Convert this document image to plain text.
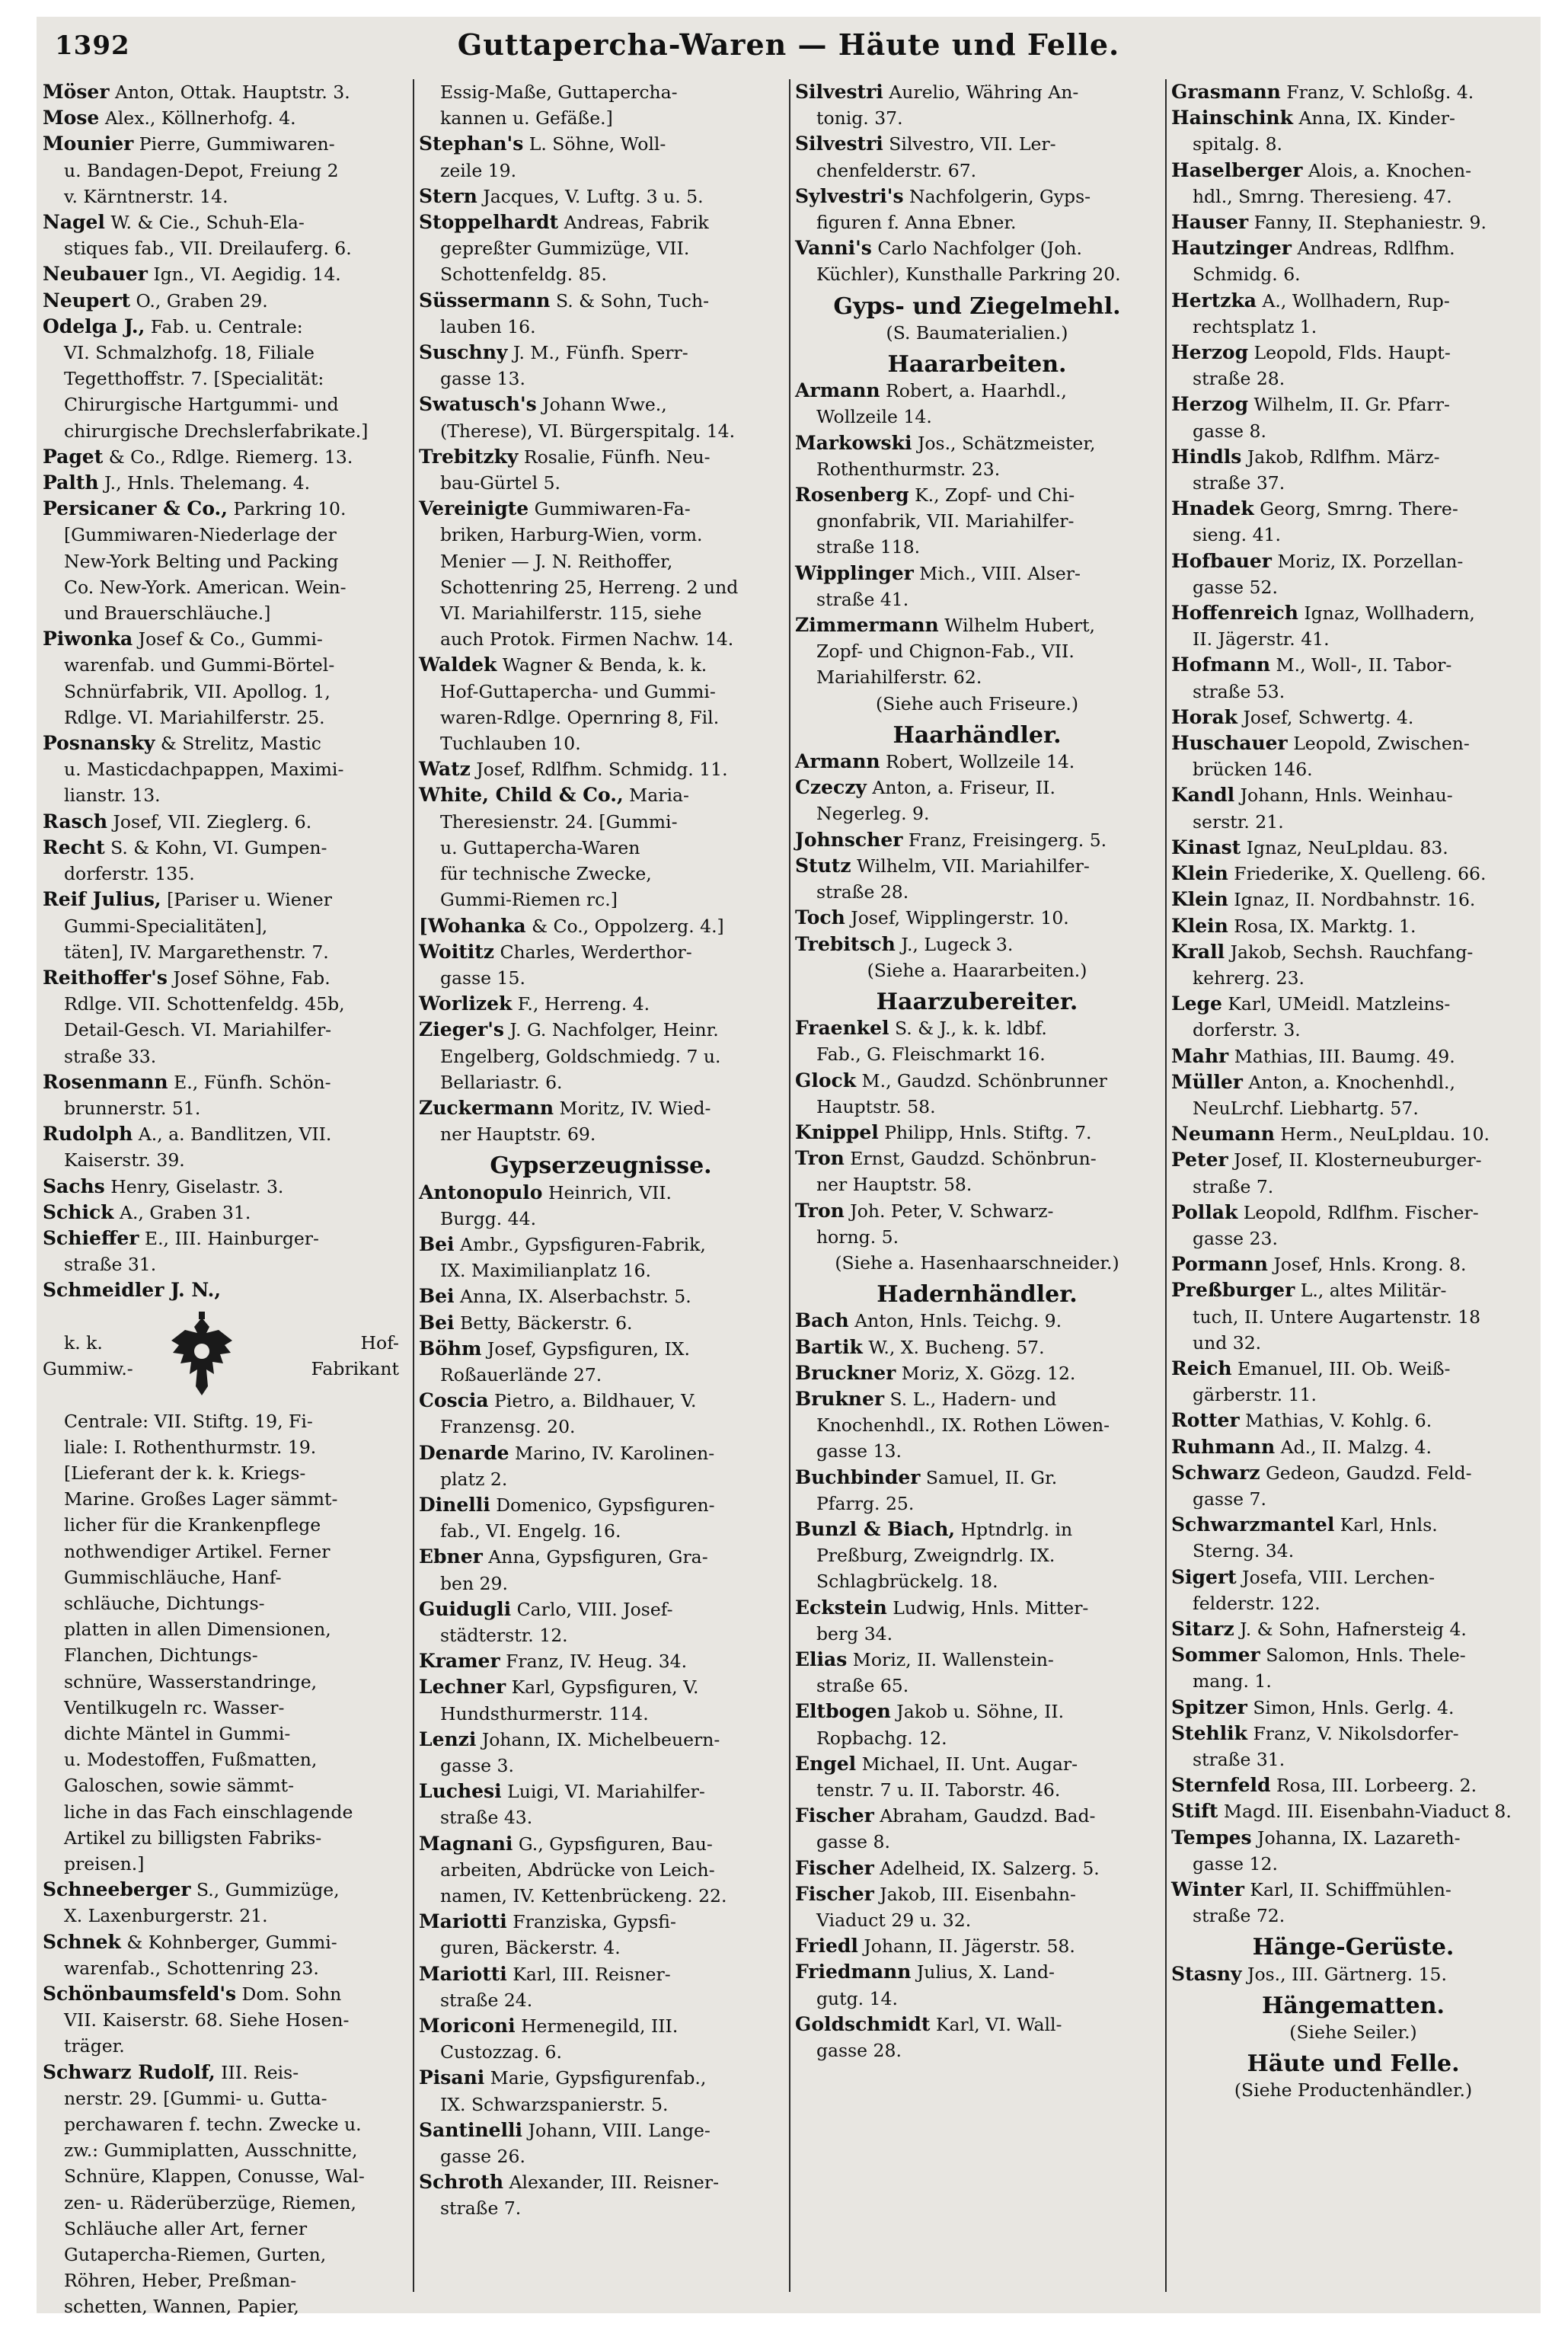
1392	Guttapercha-Waren — Häute und Felle.
Möser Anton, Ottak. Hauptstr. 3.
Mose Alex., Köllnerhofg. 4.
Mounier Pierre, Gummiwaren-
u. Bandagen-Depot, Freiung 2
v. Kärntnerstr. 14.
Nagel W. & Cie., Schuh-Ela-
stiques fab., VII. Dreilauferg. 6.
Neubauer Ign., VI. Aegidig. 14.
Neupert O., Graben 29.
Odelga J., Fab. u. Centrale:
VI. Schmalzhofg. 18, Filiale
Tegetthoffstr. 7. [Specialität:
Chirurgische Hartgummi- und
chirurgische Drechslerfabrikate.]
Paget & Co., Rdlge. Riemerg. 13.
Palth J., Hnls. Thelemang. 4.
Persicaner & Co., Parkring 10.
[Gummiwaren-Niederlage der
New-York Belting und Packing
Co. New-York. American. Wein-
und Brauerschläuche.]
Piwonka Josef & Co., Gummi-
warenfab. und Gummi-Börtel-
Schnürfabrik, VII. Apollog. 1,
Rdlge. VI. Mariahilferstr. 25.
Posnansky & Strelitz, Mastic
u. Masticdachpappen, Maximi-
lianstr. 13.
Rasch Josef, VII. Zieglerg. 6.
Recht S. & Kohn, VI. Gumpen-
dorferstr. 135.
Reif Julius, [Pariser u. Wiener
Gummi-Specialitäten],
täten], IV. Margarethenstr. 7.
Reithoffer's Josef Söhne, Fab.
Rdlge. VII. Schottenfeldg. 45b,
Detail-Gesch. VI. Mariahilfer-
straße 33.
Rosenmann E., Fünfh. Schön-
brunnerstr. 51.
Rudolph A., a. Bandlitzen, VII.
Kaiserstr. 39.
Sachs Henry, Giselastr. 3.
Schick A., Graben 31.
Schieffer E., III. Hainburger-
straße 31.
Schmeidler J. N.,
k. k.
Gummiw.-
Hof-
Fabrikant
Centrale: VII. Stiftg. 19, Fi-
liale: I. Rothenthurmstr. 19.
[Lieferant der k. k. Kriegs-
Marine. Großes Lager sämmt-
licher für die Krankenpflege
nothwendiger Artikel. Ferner
Gummischläuche, Hanf-
schläuche, Dichtungs-
platten in allen Dimensionen,
Flanchen, Dichtungs-
schnüre, Wasserstandringe,
Ventilkugeln rc. Wasser-
dichte Mäntel in Gummi-
u. Modestoffen, Fußmatten,
Galoschen, sowie sämmt-
liche in das Fach einschlagende
Artikel zu billigsten Fabriks-
preisen.]
Schneeberger S., Gummizüge,
X. Laxenburgerstr. 21.
Schnek & Kohnberger, Gummi-
warenfab., Schottenring 23.
Schönbaumsfeld's Dom. Sohn
VII. Kaiserstr. 68. Siehe Hosen-
träger.
Schwarz Rudolf, III. Reis-
nerstr. 29. [Gummi- u. Gutta-
perchawaren f. techn. Zwecke u.
zw.: Gummiplatten, Ausschnitte,
Schnüre, Klappen, Conusse, Wal-
zen- u. Räderüberzüge, Riemen,
Schläuche aller Art, ferner
Gutapercha-Riemen, Gurten,
Röhren, Heber, Preßman-
schetten, Wannen, Papier,
Essig-Maße, Guttapercha-
kannen u. Gefäße.]
Stephan's L. Söhne, Woll-
zeile 19.
Stern Jacques, V. Luftg. 3 u. 5.
Stoppelhardt Andreas, Fabrik
gepreßter Gummizüge, VII.
Schottenfeldg. 85.
Süssermann S. & Sohn, Tuch-
lauben 16.
Suschny J. M., Fünfh. Sperr-
gasse 13.
Swatusch's Johann Wwe.,
(Therese), VI. Bürgerspitalg. 14.
Trebitzky Rosalie, Fünfh. Neu-
bau-Gürtel 5.
Vereinigte Gummiwaren-Fa-
briken, Harburg-Wien, vorm.
Menier — J. N. Reithoffer,
Schottenring 25, Herreng. 2 und
VI. Mariahilferstr. 115, siehe
auch Protok. Firmen Nachw. 14.
Waldek Wagner & Benda, k. k.
Hof-Guttapercha- und Gummi-
waren-Rdlge. Opernring 8, Fil.
Tuchlauben 10.
Watz Josef, Rdlfhm. Schmidg. 11.
White, Child & Co., Maria-
Theresienstr. 24. [Gummi-
u. Guttapercha-Waren
für technische Zwecke,
Gummi-Riemen rc.]
[Wohanka & Co., Oppolzerg. 4.]
Woititz Charles, Werderthor-
gasse 15.
Worlizek F., Herreng. 4.
Zieger's J. G. Nachfolger, Heinr.
Engelberg, Goldschmiedg. 7 u.
Bellariastr. 6.
Zuckermann Moritz, IV. Wied-
ner Hauptstr. 69.
Gypserzeugnisse.
Antonopulo Heinrich, VII.
Burgg. 44.
Bei Ambr., Gypsfiguren-Fabrik,
IX. Maximilianplatz 16.
Bei Anna, IX. Alserbachstr. 5.
Bei Betty, Bäckerstr. 6.
Böhm Josef, Gypsfiguren, IX.
Roßauerlände 27.
Coscia Pietro, a. Bildhauer, V.
Franzensg. 20.
Denarde Marino, IV. Karolinen-
platz 2.
Dinelli Domenico, Gypsfiguren-
fab., VI. Engelg. 16.
Ebner Anna, Gypsfiguren, Gra-
ben 29.
Guidugli Carlo, VIII. Josef-
städterstr. 12.
Kramer Franz, IV. Heug. 34.
Lechner Karl, Gypsfiguren, V.
Hundsthurmerstr. 114.
Lenzi Johann, IX. Michelbeuern-
gasse 3.
Luchesi Luigi, VI. Mariahilfer-
straße 43.
Magnani G., Gypsfiguren, Bau-
arbeiten, Abdrücke von Leich-
namen, IV. Kettenbrückeng. 22.
Mariotti Franziska, Gypsfi-
guren, Bäckerstr. 4.
Mariotti Karl, III. Reisner-
straße 24.
Moriconi Hermenegild, III.
Custozzag. 6.
Pisani Marie, Gypsfigurenfab.,
IX. Schwarzspanierstr. 5.
Santinelli Johann, VIII. Lange-
gasse 26.
Schroth Alexander, III. Reisner-
straße 7.
Silvestri Aurelio, Währing An-
tonig. 37.
Silvestri Silvestro, VII. Ler-
chenfelderstr. 67.
Sylvestri's Nachfolgerin, Gyps-
figuren f. Anna Ebner.
Vanni's Carlo Nachfolger (Joh.
Küchler), Kunsthalle Parkring 20.
Gyps- und Ziegelmehl.
(S. Baumaterialien.)
Haararbeiten.
Armann Robert, a. Haarhdl.,
Wollzeile 14.
Markowski Jos., Schätzmeister,
Rothenthurmstr. 23.
Rosenberg K., Zopf- und Chi-
gnonfabrik, VII. Mariahilfer-
straße 118.
Wipplinger Mich., VIII. Alser-
straße 41.
Zimmermann Wilhelm Hubert,
Zopf- und Chignon-Fab., VII.
Mariahilferstr. 62.
(Siehe auch Friseure.)
Haarhändler.
Armann Robert, Wollzeile 14.
Czeczy Anton, a. Friseur, II.
Negerleg. 9.
Johnscher Franz, Freisingerg. 5.
Stutz Wilhelm, VII. Mariahilfer-
straße 28.
Toch Josef, Wipplingerstr. 10.
Trebitsch J., Lugeck 3.
(Siehe a. Haararbeiten.)
Haarzubereiter.
Fraenkel S. & J., k. k. ldbf.
Fab., G. Fleischmarkt 16.
Glock M., Gaudzd. Schönbrunner
Hauptstr. 58.
Knippel Philipp, Hnls. Stiftg. 7.
Tron Ernst, Gaudzd. Schönbrun-
ner Hauptstr. 58.
Tron Joh. Peter, V. Schwarz-
horng. 5.
(Siehe a. Hasenhaarschneider.)
Hadernhändler.
Bach Anton, Hnls. Teichg. 9.
Bartik W., X. Bucheng. 57.
Bruckner Moriz, X. Gözg. 12.
Brukner S. L., Hadern- und
Knochenhdl., IX. Rothen Löwen-
gasse 13.
Buchbinder Samuel, II. Gr.
Pfarrg. 25.
Bunzl & Biach, Hptndrlg. in
Preßburg, Zweigndrlg. IX.
Schlagbrückelg. 18.
Eckstein Ludwig, Hnls. Mitter-
berg 34.
Elias Moriz, II. Wallenstein-
straße 65.
Eltbogen Jakob u. Söhne, II.
Ropbachg. 12.
Engel Michael, II. Unt. Augar-
tenstr. 7 u. II. Taborstr. 46.
Fischer Abraham, Gaudzd. Bad-
gasse 8.
Fischer Adelheid, IX. Salzerg. 5.
Fischer Jakob, III. Eisenbahn-
Viaduct 29 u. 32.
Friedl Johann, II. Jägerstr. 58.
Friedmann Julius, X. Land-
gutg. 14.
Goldschmidt Karl, VI. Wall-
gasse 28.
Grasmann Franz, V. Schloßg. 4.
Hainschink Anna, IX. Kinder-
spitalg. 8.
Haselberger Alois, a. Knochen-
hdl., Smrng. Theresieng. 47.
Hauser Fanny, II. Stephaniestr. 9.
Hautzinger Andreas, Rdlfhm.
Schmidg. 6.
Hertzka A., Wollhadern, Rup-
rechtsplatz 1.
Herzog Leopold, Flds. Haupt-
straße 28.
Herzog Wilhelm, II. Gr. Pfarr-
gasse 8.
Hindls Jakob, Rdlfhm. März-
straße 37.
Hnadek Georg, Smrng. There-
sieng. 41.
Hofbauer Moriz, IX. Porzellan-
gasse 52.
Hoffenreich Ignaz, Wollhadern,
II. Jägerstr. 41.
Hofmann M., Woll-, II. Tabor-
straße 53.
Horak Josef, Schwertg. 4.
Huschauer Leopold, Zwischen-
brücken 146.
Kandl Johann, Hnls. Weinhau-
serstr. 21.
Kinast Ignaz, NeuLpldau. 83.
Klein Friederike, X. Quelleng. 66.
Klein Ignaz, II. Nordbahnstr. 16.
Klein Rosa, IX. Marktg. 1.
Krall Jakob, Sechsh. Rauchfang-
kehrerg. 23.
Lege Karl, UMeidl. Matzleins-
dorferstr. 3.
Mahr Mathias, III. Baumg. 49.
Müller Anton, a. Knochenhdl.,
NeuLrchf. Liebhartg. 57.
Neumann Herm., NeuLpldau. 10.
Peter Josef, II. Klosterneuburger-
straße 7.
Pollak Leopold, Rdlfhm. Fischer-
gasse 23.
Pormann Josef, Hnls. Krong. 8.
Preßburger L., altes Militär-
tuch, II. Untere Augartenstr. 18
und 32.
Reich Emanuel, III. Ob. Weiß-
gärberstr. 11.
Rotter Mathias, V. Kohlg. 6.
Ruhmann Ad., II. Malzg. 4.
Schwarz Gedeon, Gaudzd. Feld-
gasse 7.
Schwarzmantel Karl, Hnls.
Sterng. 34.
Sigert Josefa, VIII. Lerchen-
felderstr. 122.
Sitarz J. & Sohn, Hafnersteig 4.
Sommer Salomon, Hnls. Thele-
mang. 1.
Spitzer Simon, Hnls. Gerlg. 4.
Stehlik Franz, V. Nikolsdorfer-
straße 31.
Sternfeld Rosa, III. Lorbeerg. 2.
Stift Magd. III. Eisenbahn-Viaduct 8.
Tempes Johanna, IX. Lazareth-
gasse 12.
Winter Karl, II. Schiffmühlen-
straße 72.
Hänge-Gerüste.
Stasny Jos., III. Gärtnerg. 15.
Hängematten.
(Siehe Seiler.)
Häute und Felle.
(Siehe Productenhändler.)
